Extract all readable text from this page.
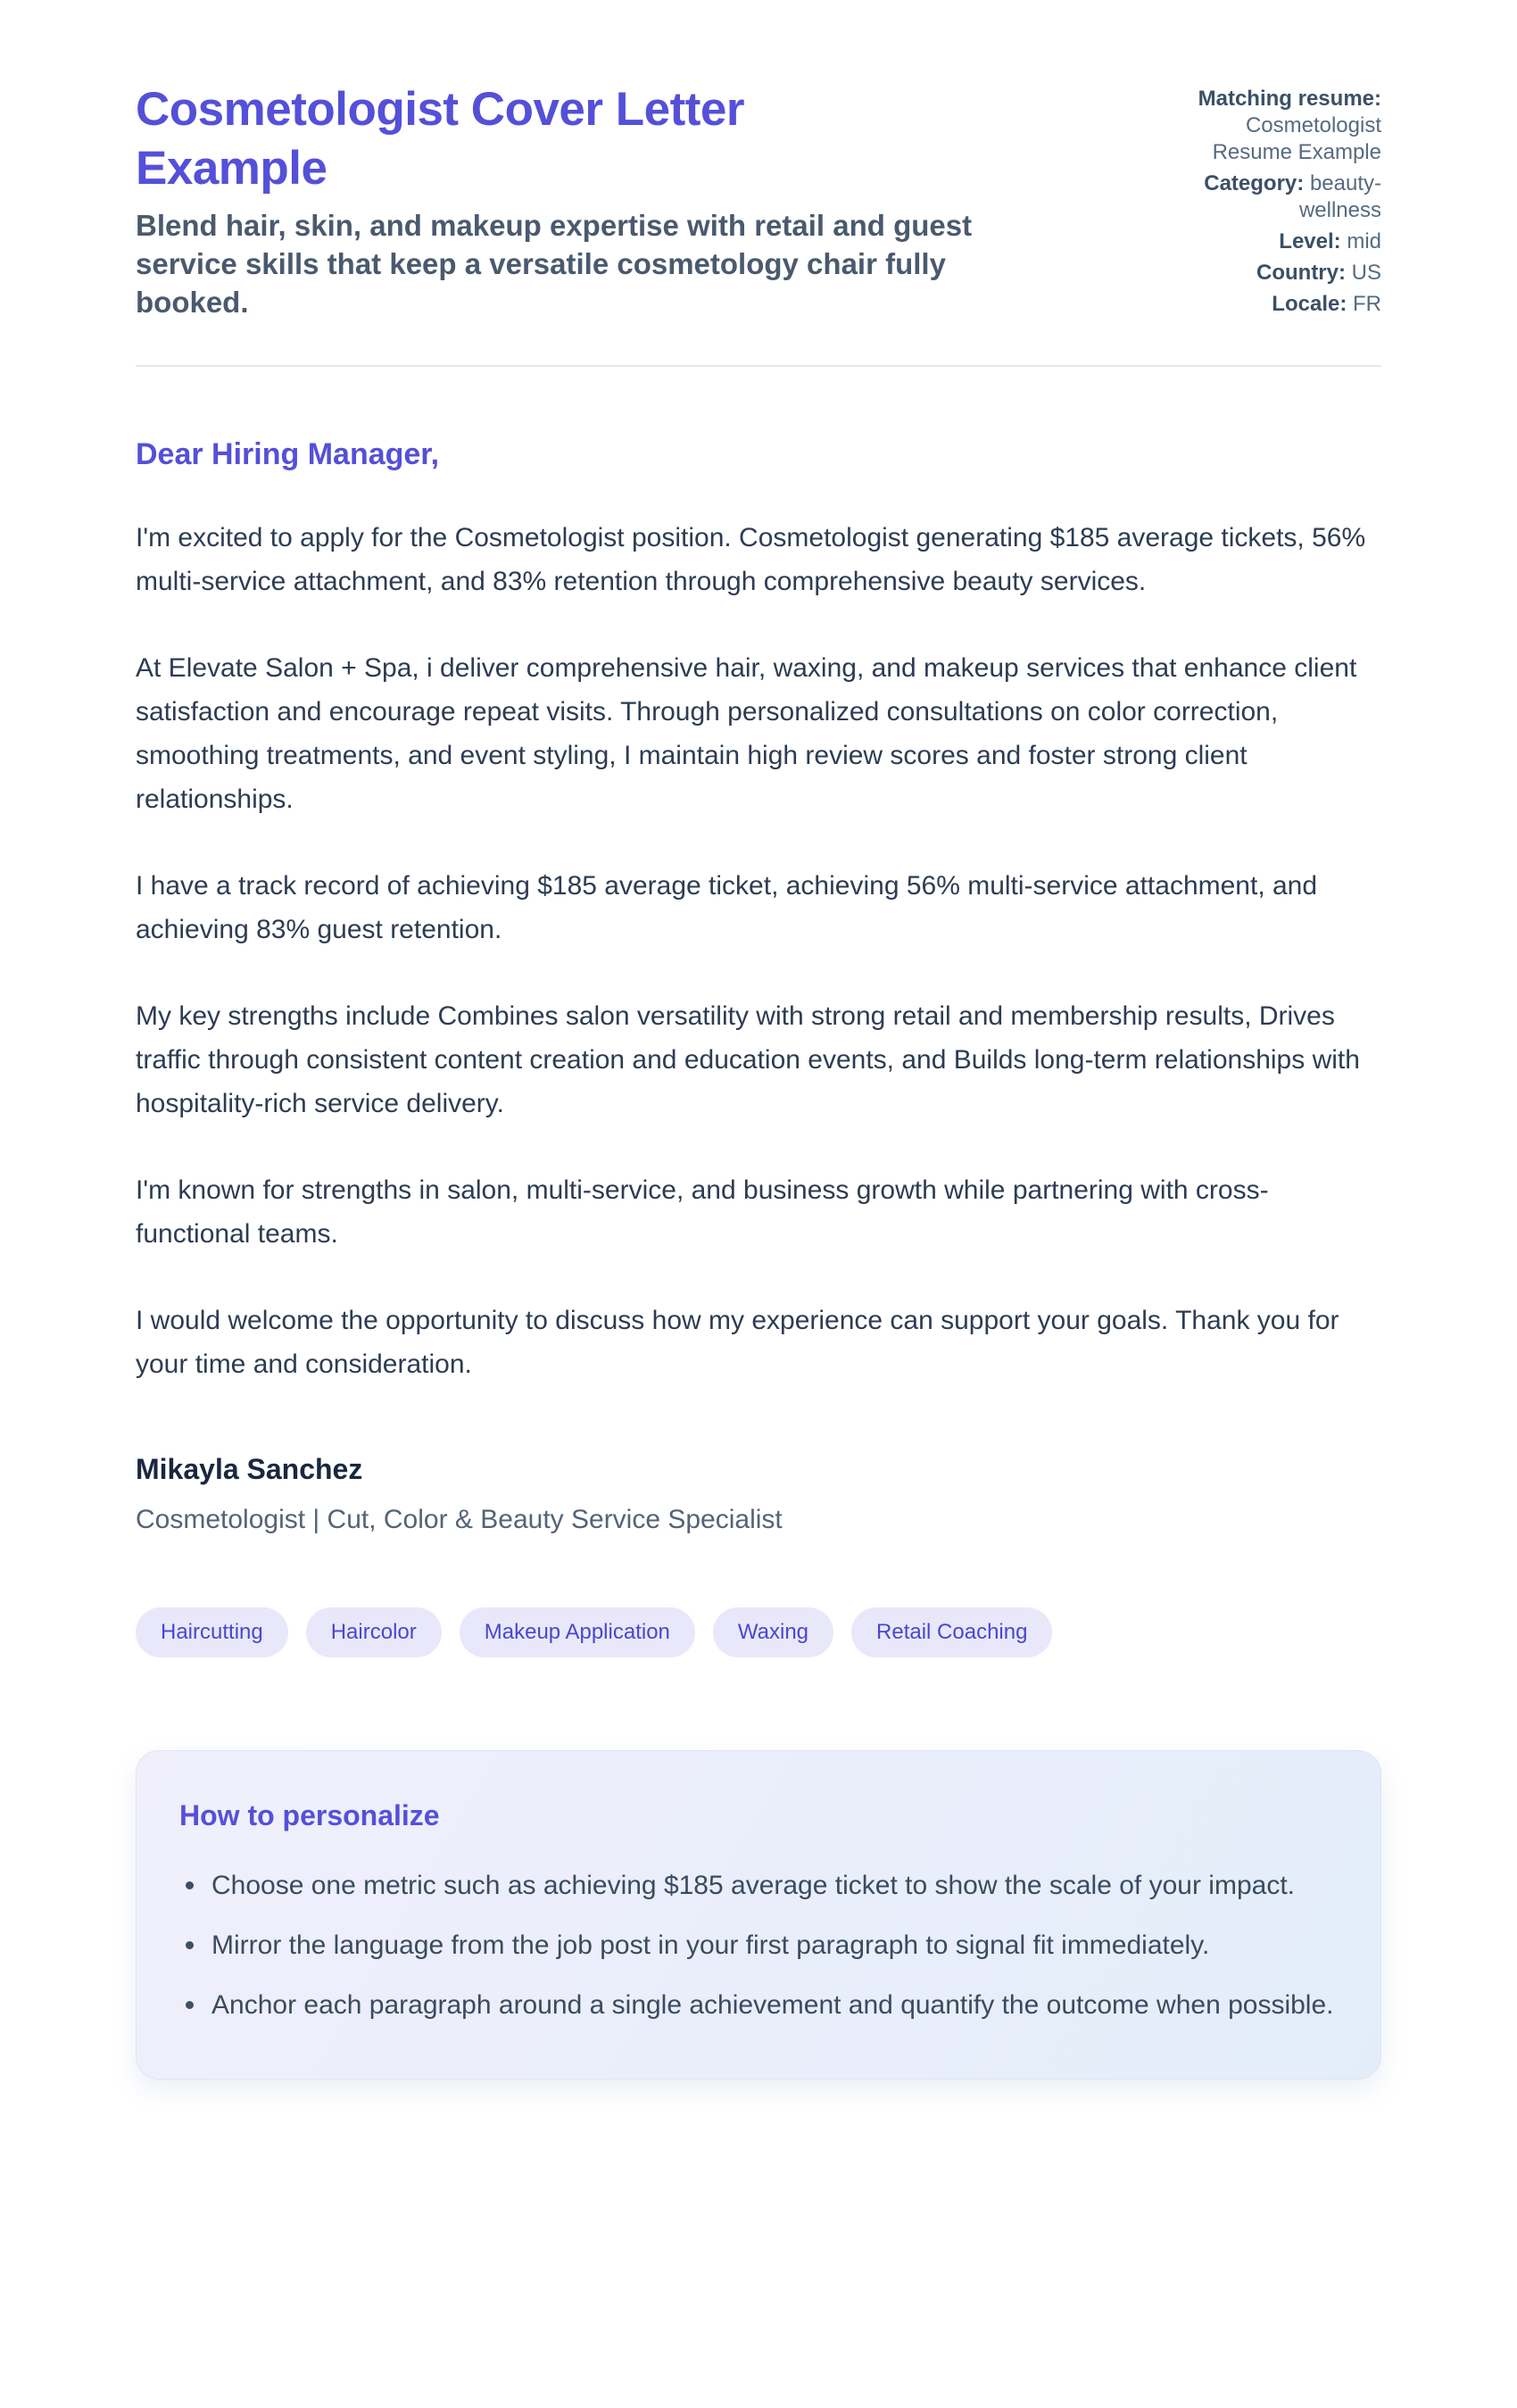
Cosmetologist Cover Letter Example

Blend hair, skin, and makeup expertise with retail and guest service skills that keep a versatile cosmetology chair fully booked.

Matching resume: Cosmetologist Resume Example
Category: beauty-wellness
Level: mid
Country: US
Locale: FR
Dear Hiring Manager,

I'm excited to apply for the Cosmetologist position. Cosmetologist generating $185 average tickets, 56% multi-service attachment, and 83% retention through comprehensive beauty services.

At Elevate Salon + Spa, i deliver comprehensive hair, waxing, and makeup services that enhance client satisfaction and encourage repeat visits. Through personalized consultations on color correction, smoothing treatments, and event styling, I maintain high review scores and foster strong client relationships.

I have a track record of achieving $185 average ticket, achieving 56% multi-service attachment, and achieving 83% guest retention.

My key strengths include Combines salon versatility with strong retail and membership results, Drives traffic through consistent content creation and education events, and Builds long-term relationships with hospitality-rich service delivery.

I'm known for strengths in salon, multi-service, and business growth while partnering with cross-functional teams.

I would welcome the opportunity to discuss how my experience can support your goals. Thank you for your time and consideration.

Mikayla Sanchez
Cosmetologist | Cut, Color & Beauty Service Specialist
Haircutting	Haircolor	Makeup Application	Waxing	Retail Coaching
How to personalize
Choose one metric such as achieving $185 average ticket to show the scale of your impact.
Mirror the language from the job post in your first paragraph to signal fit immediately.
Anchor each paragraph around a single achievement and quantify the outcome when possible.
